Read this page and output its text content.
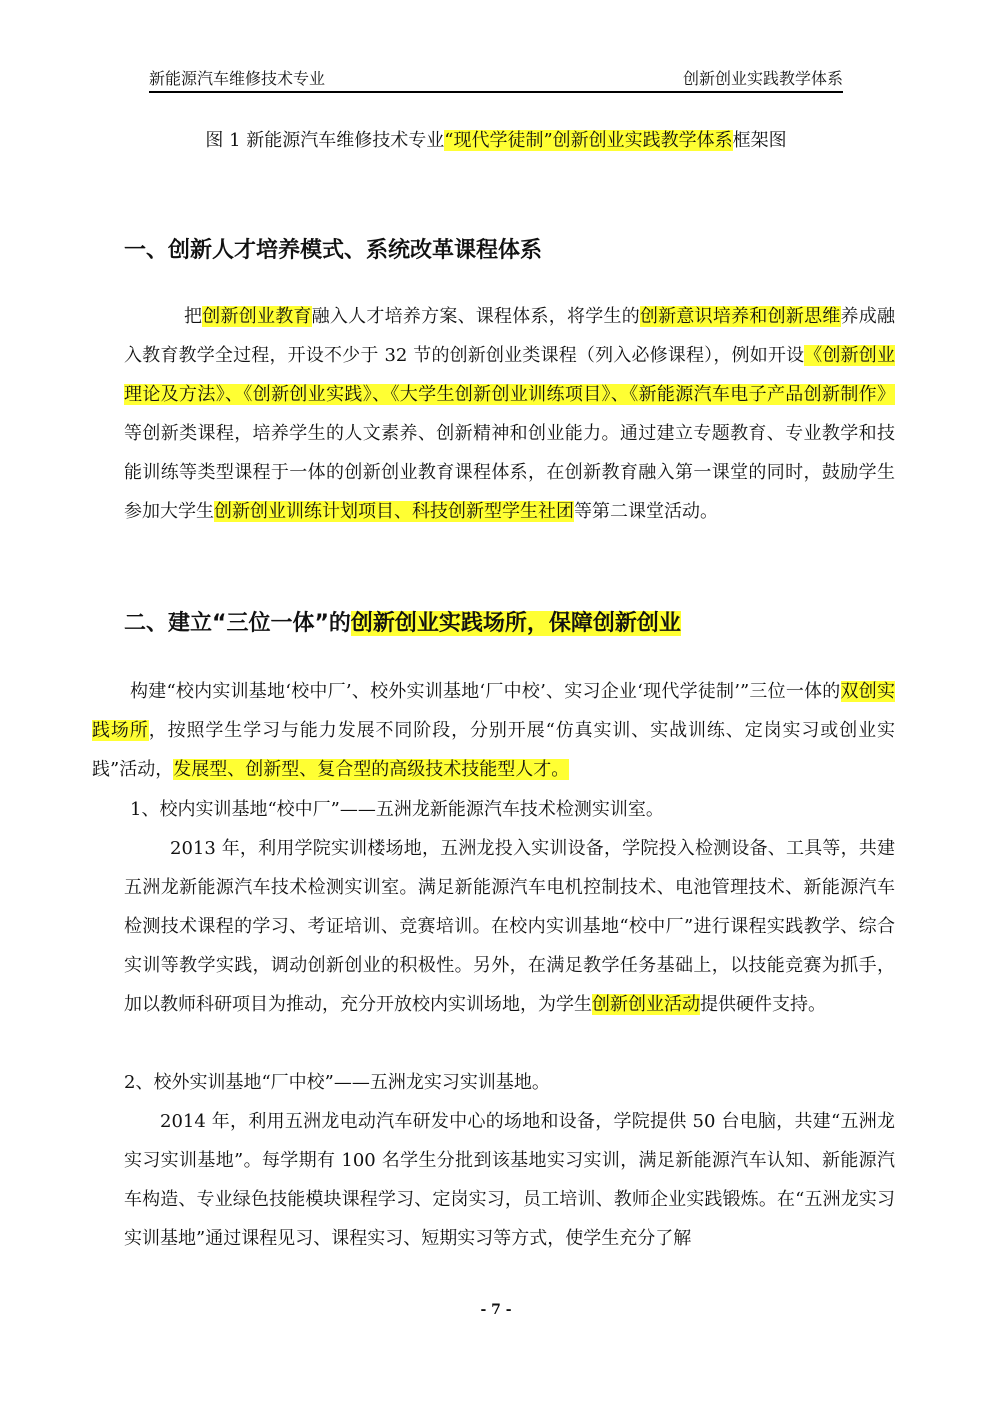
新能源汽车维修技术专业	创新创业实践教学体系
图 1 新能源汽车维修技术专业“现代学徒制”创新创业实践教学体系框架图
一、创新人才培养模式、系统改革课程体系

把创新创业教育融入人才培养方案、课程体系，将学生的创新意识培养和创新思维养成融入教育教学全过程，开设不少于 32 节的创新创业类课程（列入必修课程），例如开设《创新创业理论及方法》、《创新创业实践》、《大学生创新创业训练项目》、《新能源汽车电子产品创新制作》等创新类课程，培养学生的人文素养、创新精神和创业能力。通过建立专题教育、专业教学和技能训练等类型课程于一体的创新创业教育课程体系，在创新教育融入第一课堂的同时，鼓励学生参加大学生创新创业训练计划项目、科技创新型学生社团等第二课堂活动。

二、建立“三位一体”的创新创业实践场所，保障创新创业

构建“校内实训基地‘校中厂’、校外实训基地‘厂中校’、实习企业‘现代学徒制’”三位一体的双创实践场所，按照学生学习与能力发展不同阶段，分别开展“仿真实训、实战训练、定岗实习或创业实践”活动，发展型、创新型、复合型的高级技术技能型人才。

1、校内实训基地“校中厂”——五洲龙新能源汽车技术检测实训室。

2013 年，利用学院实训楼场地，五洲龙投入实训设备，学院投入检测设备、工具等，共建五洲龙新能源汽车技术检测实训室。满足新能源汽车电机控制技术、电池管理技术、新能源汽车检测技术课程的学习、考证培训、竞赛培训。在校内实训基地“校中厂”进行课程实践教学、综合实训等教学实践，调动创新创业的积极性。另外，在满足教学任务基础上，以技能竞赛为抓手，加以教师科研项目为推动，充分开放校内实训场地，为学生创新创业活动提供硬件支持。

2、校外实训基地“厂中校”——五洲龙实习实训基地。

2014 年，利用五洲龙电动汽车研发中心的场地和设备，学院提供 50 台电脑，共建“五洲龙实习实训基地”。每学期有 100 名学生分批到该基地实习实训，满足新能源汽车认知、新能源汽车构造、专业绿色技能模块课程学习、定岗实习，员工培训、教师企业实践锻炼。在“五洲龙实习实训基地”通过课程见习、课程实习、短期实习等方式，使学生充分了解

- 7 -
